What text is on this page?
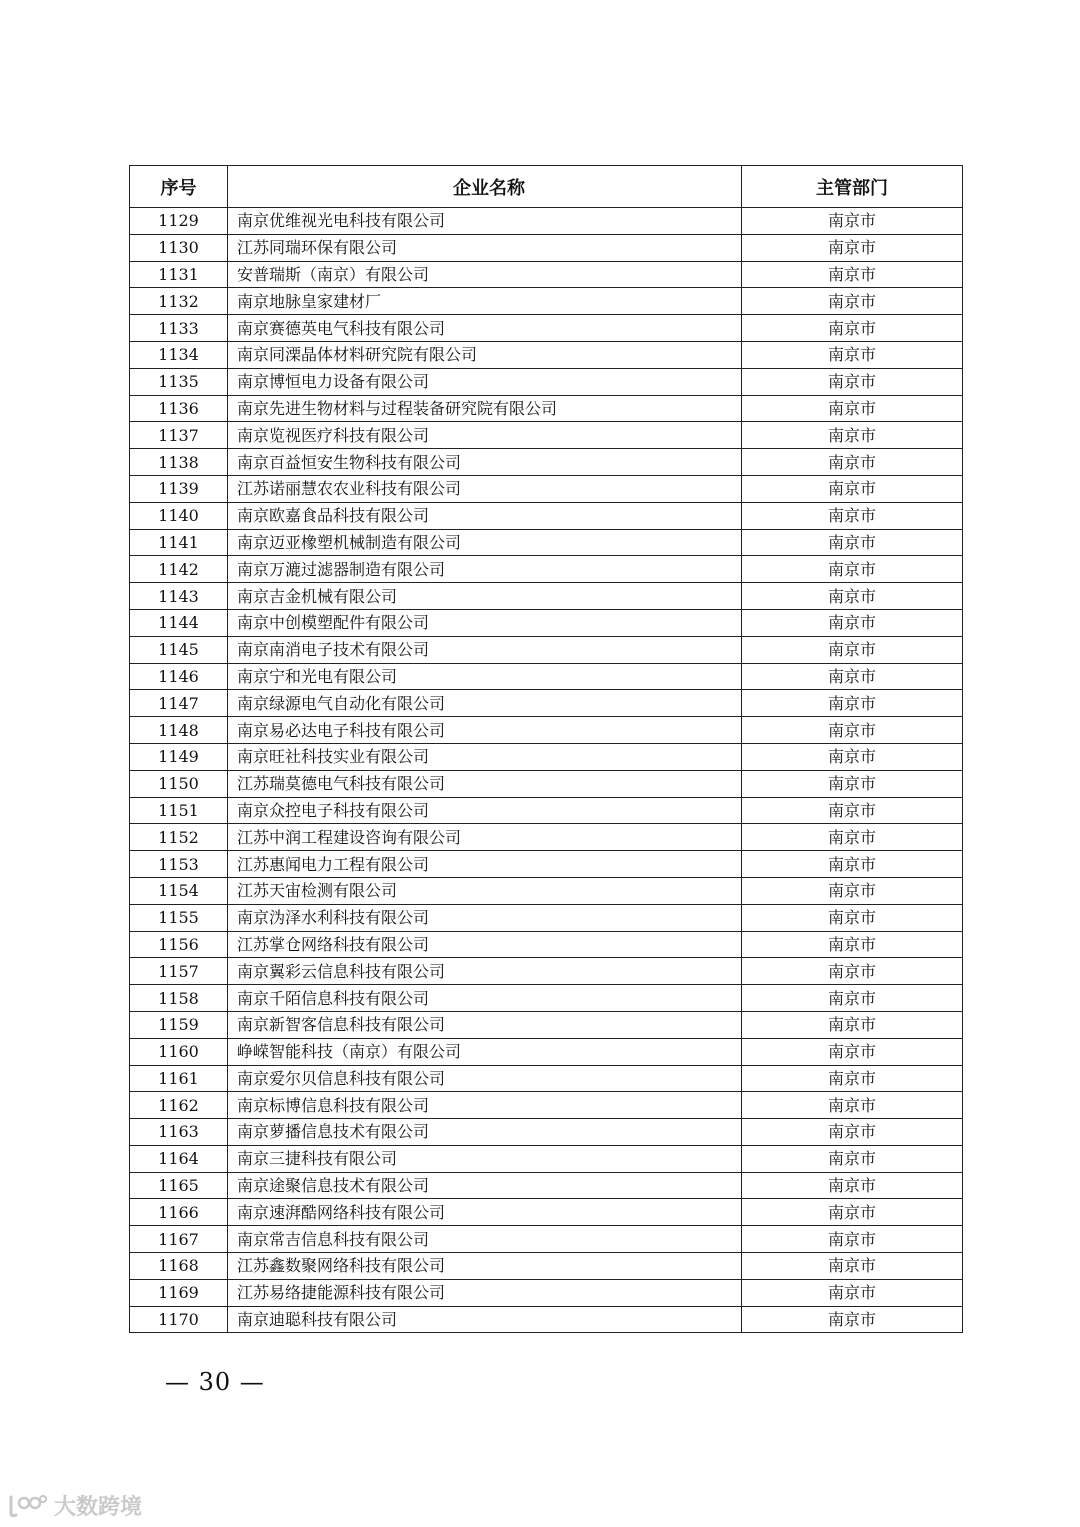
序号	企业名称	主管部门
1129	南京优维视光电科技有限公司	南京市
1130	江苏同瑞环保有限公司	南京市
1131	安普瑞斯（南京）有限公司	南京市
1132	南京地脉皇家建材厂	南京市
1133	南京赛德英电气科技有限公司	南京市
1134	南京同溧晶体材料研究院有限公司	南京市
1135	南京博恒电力设备有限公司	南京市
1136	南京先进生物材料与过程装备研究院有限公司	南京市
1137	南京览视医疗科技有限公司	南京市
1138	南京百益恒安生物科技有限公司	南京市
1139	江苏诺丽慧农农业科技有限公司	南京市
1140	南京欧嘉食品科技有限公司	南京市
1141	南京迈亚橡塑机械制造有限公司	南京市
1142	南京万漉过滤器制造有限公司	南京市
1143	南京吉金机械有限公司	南京市
1144	南京中创模塑配件有限公司	南京市
1145	南京南消电子技术有限公司	南京市
1146	南京宁和光电有限公司	南京市
1147	南京绿源电气自动化有限公司	南京市
1148	南京易必达电子科技有限公司	南京市
1149	南京旺社科技实业有限公司	南京市
1150	江苏瑞莫德电气科技有限公司	南京市
1151	南京众控电子科技有限公司	南京市
1152	江苏中润工程建设咨询有限公司	南京市
1153	江苏惠闻电力工程有限公司	南京市
1154	江苏天宙检测有限公司	南京市
1155	南京沩泽水利科技有限公司	南京市
1156	江苏掌仓网络科技有限公司	南京市
1157	南京翼彩云信息科技有限公司	南京市
1158	南京千陌信息科技有限公司	南京市
1159	南京新智客信息科技有限公司	南京市
1160	峥嵘智能科技（南京）有限公司	南京市
1161	南京爱尔贝信息科技有限公司	南京市
1162	南京标博信息科技有限公司	南京市
1163	南京萝播信息技术有限公司	南京市
1164	南京三捷科技有限公司	南京市
1165	南京途聚信息技术有限公司	南京市
1166	南京速湃酷网络科技有限公司	南京市
1167	南京常吉信息科技有限公司	南京市
1168	江苏鑫数聚网络科技有限公司	南京市
1169	江苏易络捷能源科技有限公司	南京市
1170	南京迪聪科技有限公司	南京市
— 30 —
大数跨境
